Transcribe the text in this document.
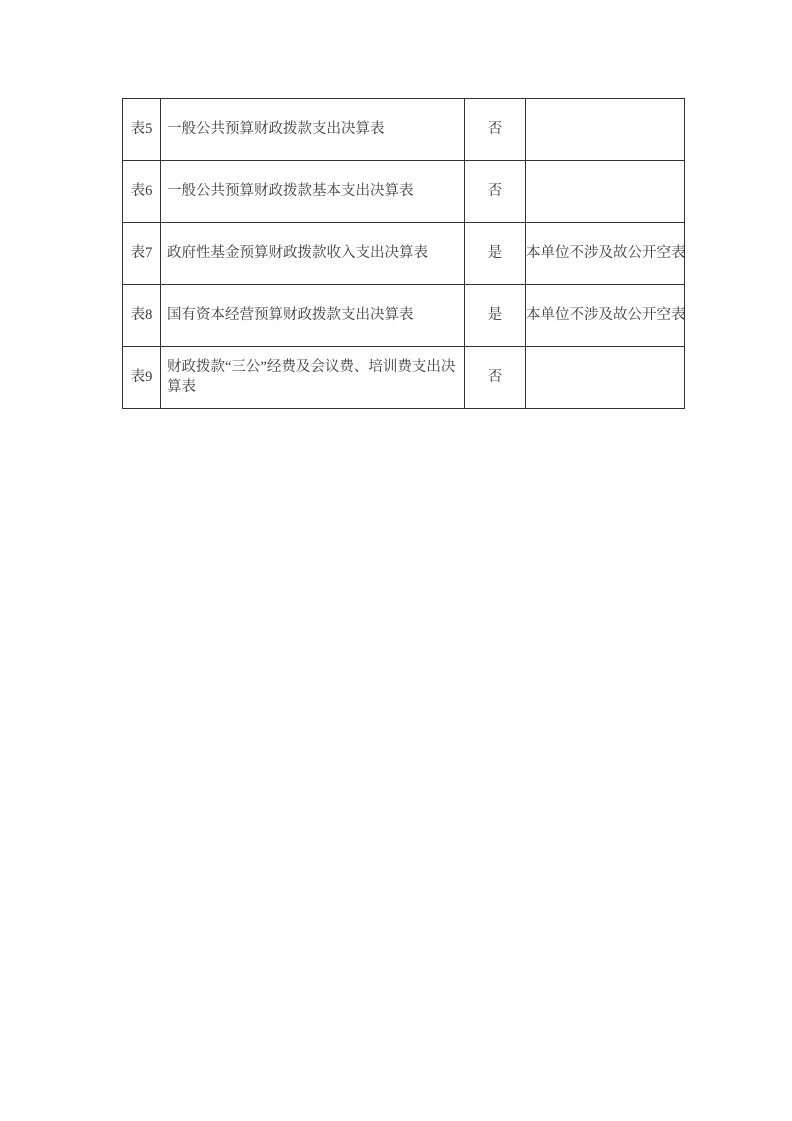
表5	一般公共预算财政拨款支出决算表	否	
表6	一般公共预算财政拨款基本支出决算表	否	
表7	政府性基金预算财政拨款收入支出决算表	是	本单位不涉及故公开空表
表8	国有资本经营预算财政拨款支出决算表	是	本单位不涉及故公开空表
表9	财政拨款“三公”经费及会议费、培训费支出决算表	否	
